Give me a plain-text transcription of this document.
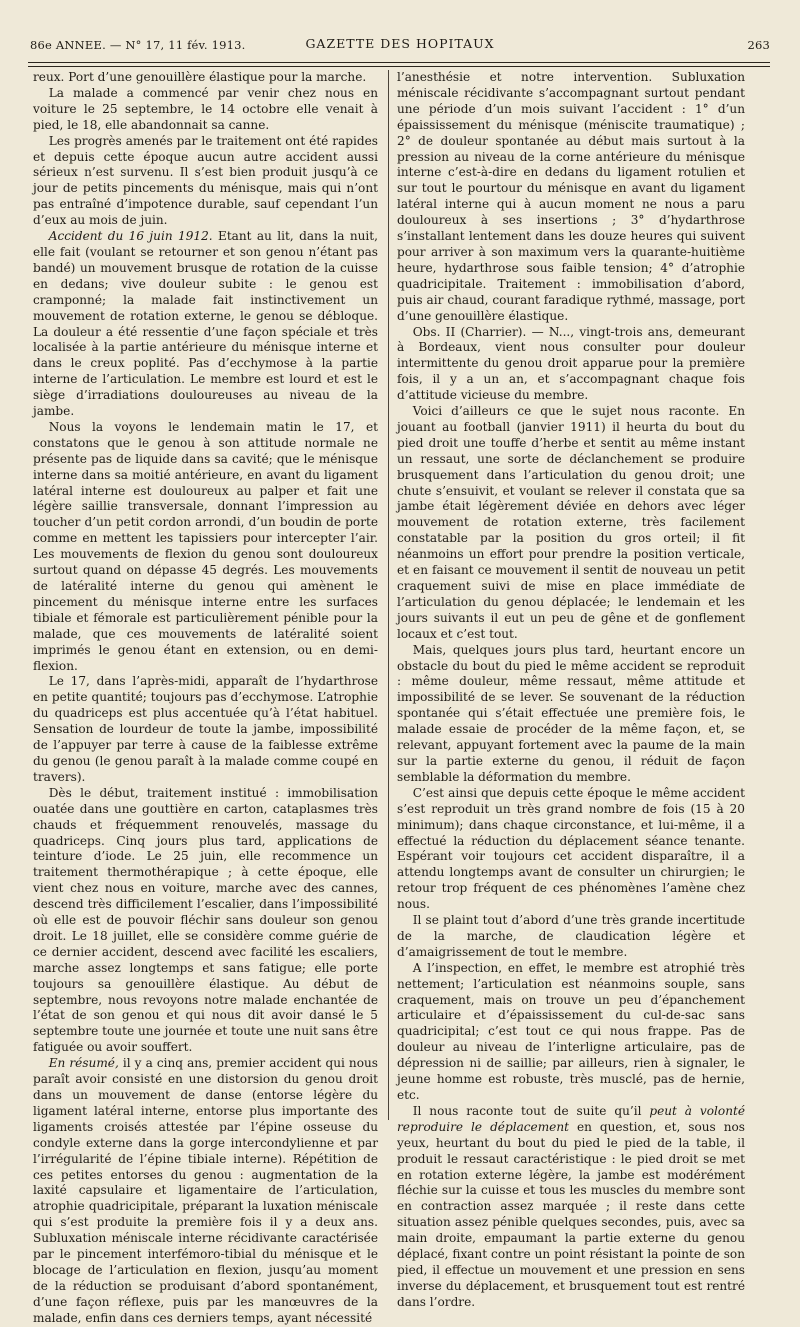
86e ANNEE. — N° 17, 11 fév. 1913.	GAZETTE DES HOPITAUX	263

reux. Port d’une genouillère élastique pour la marche.

La malade a commencé par venir chez nous en voiture le 25 septembre, le 14 octobre elle venait à pied, le 18, elle abandonnait sa canne.

Les progrès amenés par le traitement ont été rapides et depuis cette époque aucun autre accident aussi sérieux n’est survenu. Il s’est bien produit jusqu’à ce jour de petits pincements du ménisque, mais qui n’ont pas entraîné d’impotence durable, sauf cependant l’un d’eux au mois de juin.

Accident du 16 juin 1912. Etant au lit, dans la nuit, elle fait (voulant se retourner et son genou n’étant pas bandé) un mouvement brusque de rotation de la cuisse en dedans; vive douleur subite : le genou est cramponné; la malade fait instinctivement un mouvement de rotation externe, le genou se débloque. La douleur a été ressentie d’une façon spéciale et très localisée à la partie antérieure du ménisque interne et dans le creux poplité. Pas d’ecchymose à la partie interne de l’articulation. Le membre est lourd et est le siège d’irradiations douloureuses au niveau de la jambe.

Nous la voyons le lendemain matin le 17, et constatons que le genou à son attitude normale ne présente pas de liquide dans sa cavité; que le ménisque interne dans sa moitié antérieure, en avant du ligament latéral interne est douloureux au palper et fait une légère saillie transversale, donnant l’impression au toucher d’un petit cordon arrondi, d’un boudin de porte comme en mettent les tapissiers pour intercepter l’air. Les mouvements de flexion du genou sont douloureux surtout quand on dépasse 45 degrés. Les mouvements de latéralité interne du genou qui amènent le pincement du ménisque interne entre les surfaces tibiale et fémorale est particulièrement pénible pour la malade, que ces mouvements de latéralité soient imprimés le genou étant en extension, ou en demi-flexion.

Le 17, dans l’après-midi, apparaît de l’hydarthrose en petite quantité; toujours pas d’ecchymose. L’atrophie du quadriceps est plus accentuée qu’à l’état habituel. Sensation de lourdeur de toute la jambe, impossibilité de l’appuyer par terre à cause de la faiblesse extrême du genou (le genou paraît à la malade comme coupé en travers).

Dès le début, traitement institué : immobilisation ouatée dans une gouttière en carton, cataplasmes très chauds et fréquemment renouvelés, massage du quadriceps. Cinq jours plus tard, applications de teinture d’iode. Le 25 juin, elle recommence un traitement thermothérapique ; à cette époque, elle vient chez nous en voiture, marche avec des cannes, descend très difficilement l’escalier, dans l’impossibilité où elle est de pouvoir fléchir sans douleur son genou droit. Le 18 juillet, elle se considère comme guérie de ce dernier accident, descend avec facilité les escaliers, marche assez longtemps et sans fatigue; elle porte toujours sa genouillère élastique. Au début de septembre, nous revoyons notre malade enchantée de l’état de son genou et qui nous dit avoir dansé le 5 septembre toute une journée et toute une nuit sans être fatiguée ou avoir souffert.

En résumé, il y a cinq ans, premier accident qui nous paraît avoir consisté en une distorsion du genou droit dans un mouvement de danse (entorse légère du ligament latéral interne, entorse plus importante des ligaments croisés attestée par l’épine osseuse du condyle externe dans la gorge intercondylienne et par l’irrégularité de l’épine tibiale interne). Répétition de ces petites entorses du genou : augmentation de la laxité capsulaire et ligamentaire de l’articulation, atrophie quadricipitale, préparant la luxation méniscale qui s’est produite la première fois il y a deux ans. Subluxation méniscale interne récidivante caractérisée par le pincement interfémoro-tibial du ménisque et le blocage de l’articulation en flexion, jusqu’au moment de la réduction se produisant d’abord spontanément, d’une façon réflexe, puis par les manœuvres de la malade, enfin dans ces derniers temps, ayant nécessité

l’anesthésie et notre intervention. Subluxation méniscale récidivante s’accompagnant surtout pendant une période d’un mois suivant l’accident : 1° d’un épaississement du ménisque (méniscite traumatique) ; 2° de douleur spontanée au début mais surtout à la pression au niveau de la corne antérieure du ménisque interne c’est-à-dire en dedans du ligament rotulien et sur tout le pourtour du ménisque en avant du ligament latéral interne qui à aucun moment ne nous a paru douloureux à ses insertions ; 3° d’hydarthrose s’installant lentement dans les douze heures qui suivent pour arriver à son maximum vers la quarante-huitième heure, hydarthrose sous faible tension; 4° d’atrophie quadricipitale. Traitement : immobilisation d’abord, puis air chaud, courant faradique rythmé, massage, port d’une genouillère élastique.

Obs. II (Charrier). — N..., vingt-trois ans, demeurant à Bordeaux, vient nous consulter pour douleur intermittente du genou droit apparue pour la première fois, il y a un an, et s’accompagnant chaque fois d’attitude vicieuse du membre.

Voici d’ailleurs ce que le sujet nous raconte. En jouant au football (janvier 1911) il heurta du bout du pied droit une touffe d’herbe et sentit au même instant un ressaut, une sorte de déclanchement se produire brusquement dans l’articulation du genou droit; une chute s’ensuivit, et voulant se relever il constata que sa jambe était légèrement déviée en dehors avec léger mouvement de rotation externe, très facilement constatable par la position du gros orteil; il fit néanmoins un effort pour prendre la position verticale, et en faisant ce mouvement il sentit de nouveau un petit craquement suivi de mise en place immédiate de l’articulation du genou déplacée; le lendemain et les jours suivants il eut un peu de gêne et de gonflement locaux et c’est tout.

Mais, quelques jours plus tard, heurtant encore un obstacle du bout du pied le même accident se reproduit : même douleur, même ressaut, même attitude et impossibilité de se lever. Se souvenant de la réduction spontanée qui s’était effectuée une première fois, le malade essaie de procéder de la même façon, et, se relevant, appuyant fortement avec la paume de la main sur la partie externe du genou, il réduit de façon semblable la déformation du membre.

C’est ainsi que depuis cette époque le même accident s’est reproduit un très grand nombre de fois (15 à 20 minimum); dans chaque circonstance, et lui-même, il a effectué la réduction du déplacement séance tenante. Espérant voir toujours cet accident disparaître, il a attendu longtemps avant de consulter un chirurgien; le retour trop fréquent de ces phénomènes l’amène chez nous.

Il se plaint tout d’abord d’une très grande incertitude de la marche, de claudication légère et d’amaigrissement de tout le membre.

A l’inspection, en effet, le membre est atrophié très nettement; l’articulation est néanmoins souple, sans craquement, mais on trouve un peu d’épanchement articulaire et d’épaississement du cul-de-sac sans quadricipital; c’est tout ce qui nous frappe. Pas de douleur au niveau de l’interligne articulaire, pas de dépression ni de saillie; par ailleurs, rien à signaler, le jeune homme est robuste, très musclé, pas de hernie, etc.

Il nous raconte tout de suite qu’il peut à volonté reproduire le déplacement en question, et, sous nos yeux, heurtant du bout du pied le pied de la table, il produit le ressaut caractéristique : le pied droit se met en rotation externe légère, la jambe est modérément fléchie sur la cuisse et tous les muscles du membre sont en contraction assez marquée ; il reste dans cette situation assez pénible quelques secondes, puis, avec sa main droite, empaumant la partie externe du genou déplacé, fixant contre un point résistant la pointe de son pied, il effectue un mouvement et une pression en sens inverse du déplacement, et brusquement tout est rentré dans l’ordre.
